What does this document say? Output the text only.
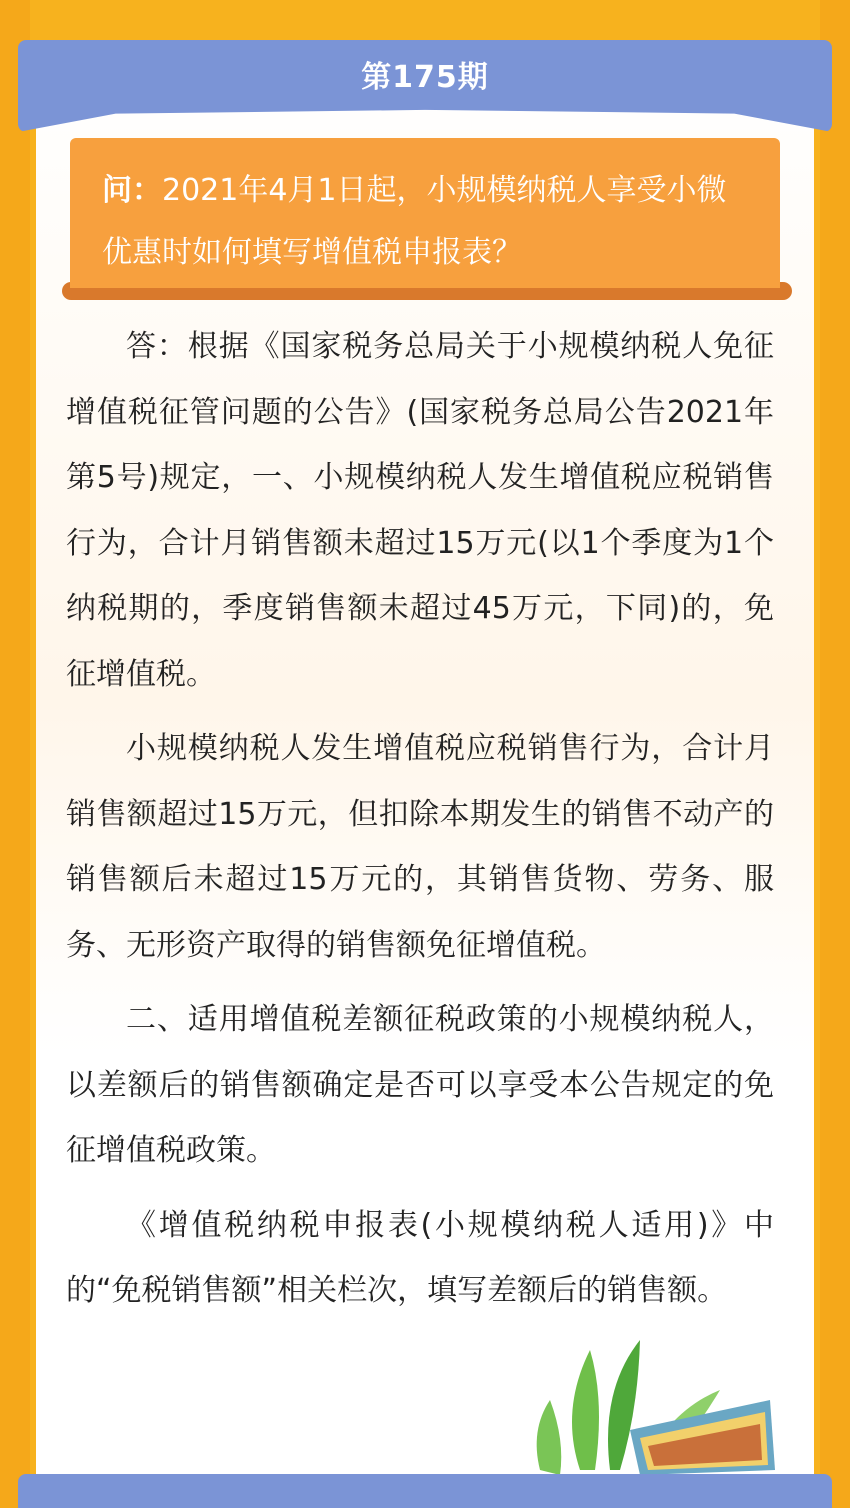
第175期
问：2021年4月1日起，小规模纳税人享受小微优惠时如何填写增值税申报表？

答：根据《国家税务总局关于小规模纳税人免征增值税征管问题的公告》(国家税务总局公告2021年第5号)规定，一、小规模纳税人发生增值税应税销售行为，合计月销售额未超过15万元(以1个季度为1个纳税期的，季度销售额未超过45万元，下同)的，免征增值税。

小规模纳税人发生增值税应税销售行为，合计月销售额超过15万元，但扣除本期发生的销售不动产的销售额后未超过15万元的，其销售货物、劳务、服务、无形资产取得的销售额免征增值税。

二、适用增值税差额征税政策的小规模纳税人，以差额后的销售额确定是否可以享受本公告规定的免征增值税政策。

《增值税纳税申报表(小规模纳税人适用)》中的“免税销售额”相关栏次，填写差额后的销售额。
